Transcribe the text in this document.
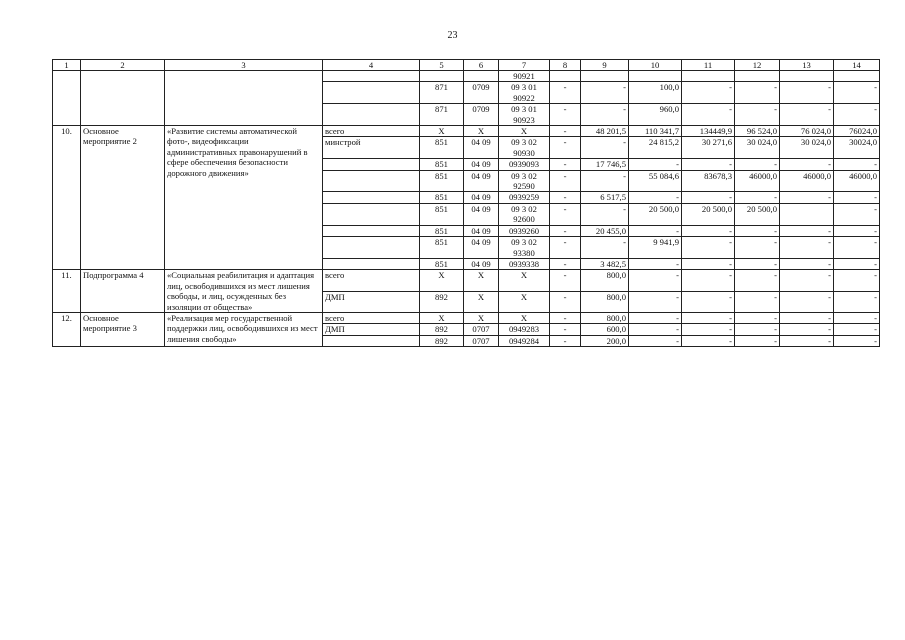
23
1	2	3	4	5	6	7	8	9	10	11	12	13	14
						90921							
				871	0709	09 3 01 90922	-	-	100,0	-	-	-	-
				871	0709	09 3 01 90923	-	-	960,0	-	-	-	-
10.	Основное мероприятие 2	«Развитие системы автоматической фото-, видеофиксации административных правонарушений в сфере обеспечения безопасности дорожного движения»	всего	Х	Х	Х	-	48 201,5	110 341,7	134449,9	96 524,0	76 024,0	76024,0
			минстрой	851	04 09	09 3 02 90930	-	-	24 815,2	30 271,6	30 024,0	30 024,0	30024,0
				851	04 09	0939093	-	17 746,5	-	-	-	-	-
				851	04 09	09 3 02 92590	-	-	55 084,6	83678,3	46000,0	46000,0	46000,0
				851	04 09	0939259	-	6 517,5	-	-	-	-	-
				851	04 09	09 3 02 92600	-	-	20 500,0	20 500,0	20 500,0		-
				851	04 09	0939260	-	20 455,0	-	-	-	-	-
				851	04 09	09 3 02 93380	-	-	9 941,9	-	-	-	-
				851	04 09	0939338	-	3 482,5	-	-	-	-	-
11.	Подпрограмма 4	«Социальная реабилитация и адаптация лиц, освободившихся из мест лишения свободы, и лиц, осужденных без изоляции от общества»	всего	Х	Х	Х	-	800,0	-	-	-	-	-
			ДМП	892	Х	Х	-	800,0	-	-	-	-	-
12.	Основное мероприятие 3	«Реализация мер государственной поддержки лиц, освободившихся из мест лишения свободы»	всего	Х	Х	Х	-	800,0	-	-	-	-	-
			ДМП	892	0707	0949283	-	600,0	-	-	-	-	-
				892	0707	0949284	-	200,0	-	-	-	-	-
